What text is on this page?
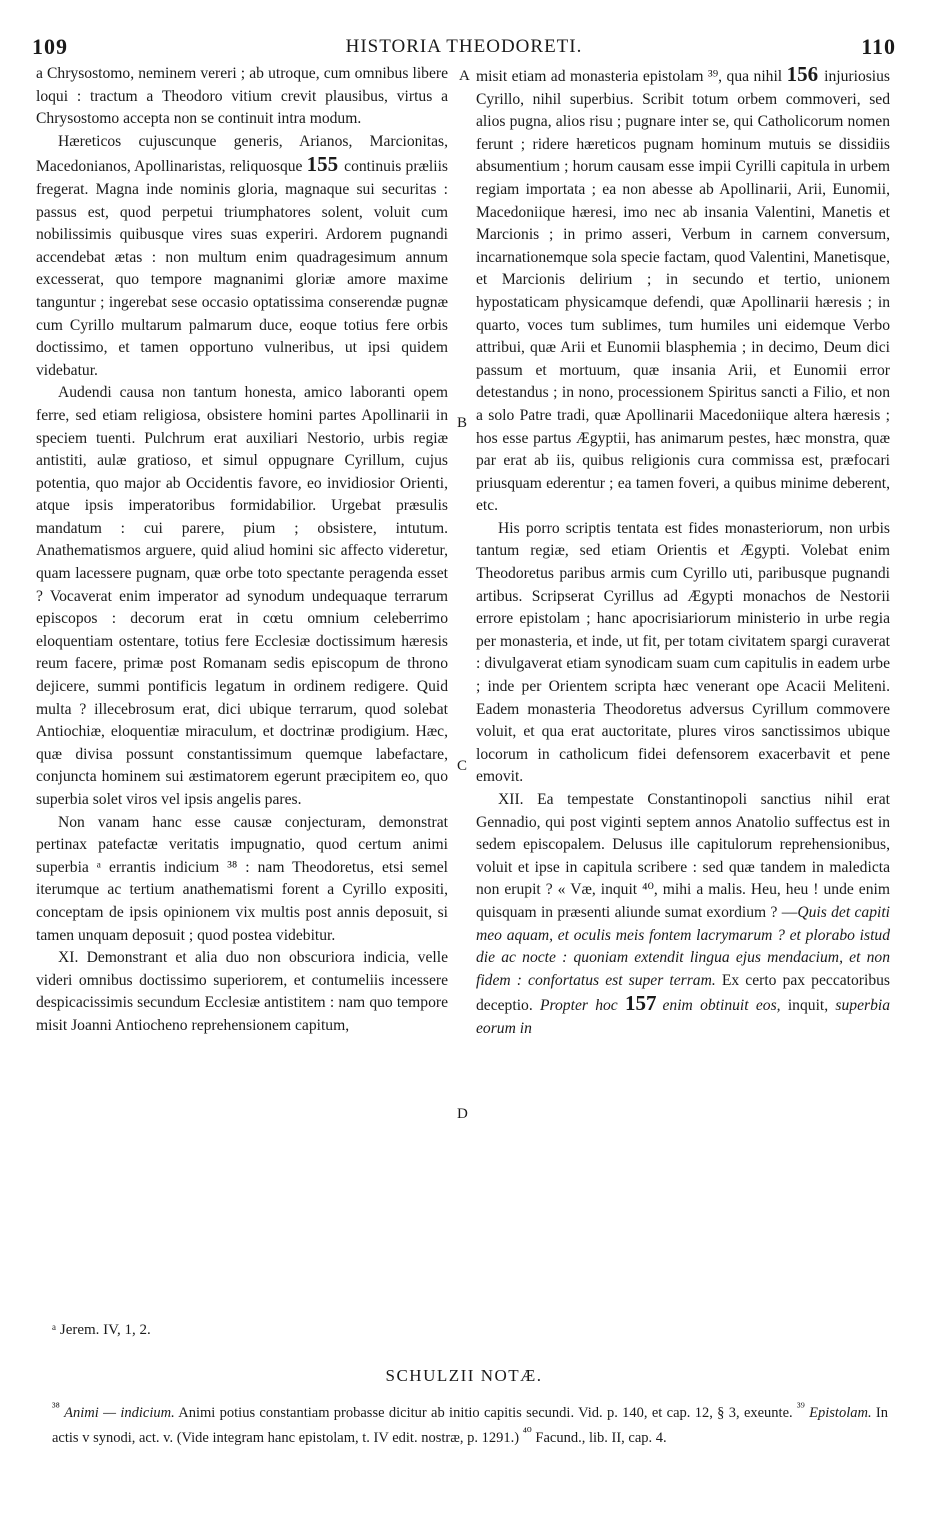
109	HISTORIA THEODORETI.	110

a Chrysostomo, neminem vereri ; ab utroque, cum omnibus libere loqui : tractum a Theodoro vitium crevit plausibus, virtus a Chrysostomo accepta non se continuit intra modum.

Hæreticos cujuscunque generis, Arianos, Marcionitas, Macedonianos, Apollinaristas, reliquosque 155 continuis præliis fregerat. Magna inde nominis gloria, magnaque sui securitas : passus est, quod perpetui triumphatores solent, voluit cum nobilissimis quibusque vires suas experiri. Ardorem pugnandi accendebat ætas : non multum enim quadragesimum annum excesserat, quo tempore magnanimi gloriæ amore maxime tanguntur ; ingerebat sese occasio optatissima conserendæ pugnæ cum Cyrillo multarum palmarum duce, eoque totius fere orbis doctissimo, et tamen opportuno vulneribus, ut ipsi quidem videbatur.

Audendi causa non tantum honesta, amico laboranti opem ferre, sed etiam religiosa, obsistere homini partes Apollinarii in speciem tuenti. Pulchrum erat auxiliari Nestorio, urbis regiæ antistiti, aulæ gratioso, et simul oppugnare Cyrillum, cujus potentia, quo major ab Occidentis favore, eo invidiosior Orienti, atque ipsis imperatoribus formidabilior. Urgebat præsulis mandatum : cui parere, pium ; obsistere, intutum. Anathematismos arguere, quid aliud homini sic affecto videretur, quam lacessere pugnam, quæ orbe toto spectante peragenda esset ? Vocaverat enim imperator ad synodum undequaque terrarum episcopos : decorum erat in cœtu omnium celeberrimo eloquentiam ostentare, totius fere Ecclesiæ doctissimum hæresis reum facere, primæ post Romanam sedis episcopum de throno dejicere, summi pontificis legatum in ordinem redigere. Quid multa ? illecebrosum erat, dici ubique terrarum, quod solebat Antiochiæ, eloquentiæ miraculum, et doctrinæ prodigium. Hæc, quæ divisa possunt constantissimum quemque labefactare, conjuncta hominem sui æstimatorem egerunt præcipitem eo, quo superbia solet viros vel ipsis angelis pares.

Non vanam hanc esse causæ conjecturam, demonstrat pertinax patefactæ veritatis impugnatio, quod certum animi superbia ᵃ errantis indicium ³⁸ : nam Theodoretus, etsi semel iterumque ac tertium anathematismi forent a Cyrillo expositi, conceptam de ipsis opinionem vix multis post annis deposuit, si tamen unquam deposuit ; quod postea videbitur.

XI. Demonstrant et alia duo non obscuriora indicia, velle videri omnibus doctissimo superiorem, et contumeliis incessere despicacissimis secundum Ecclesiæ antistitem : nam quo tempore misit Joanni Antiocheno reprehensionem capitum,

A
B
C
D

misit etiam ad monasteria epistolam ³⁹, qua nihil 156 injuriosius Cyrillo, nihil superbius. Scribit totum orbem commoveri, sed alios pugna, alios risu ; pugnare inter se, qui Catholicorum nomen ferunt ; ridere hæreticos pugnam hominum mutuis se dissidiis absumentium ; horum causam esse impii Cyrilli capitula in urbem regiam importata ; ea non abesse ab Apollinarii, Arii, Eunomii, Macedoniique hæresi, imo nec ab insania Valentini, Manetis et Marcionis ; in primo asseri, Verbum in carnem conversum, incarnationemque sola specie factam, quod Valentini, Manetisque, et Marcionis delirium ; in secundo et tertio, unionem hypostaticam physicamque defendi, quæ Apollinarii hæresis ; in quarto, voces tum sublimes, tum humiles uni eidemque Verbo attribui, quæ Arii et Eunomii blasphemia ; in decimo, Deum dici passum et mortuum, quæ insania Arii, et Eunomii error detestandus ; in nono, processionem Spiritus sancti a Filio, et non a solo Patre tradi, quæ Apollinarii Macedoniique altera hæresis ; hos esse partus Ægyptii, has animarum pestes, hæc monstra, quæ par erat ab iis, quibus religionis cura commissa est, præfocari priusquam ederentur ; ea tamen foveri, a quibus minime deberent, etc.

His porro scriptis tentata est fides monasteriorum, non urbis tantum regiæ, sed etiam Orientis et Ægypti. Volebat enim Theodoretus paribus armis cum Cyrillo uti, paribusque pugnandi artibus. Scripserat Cyrillus ad Ægypti monachos de Nestorii errore epistolam ; hanc apocrisiariorum ministerio in urbe regia per monasteria, et inde, ut fit, per totam civitatem spargi curaverat : divulgaverat etiam synodicam suam cum capitulis in eadem urbe ; inde per Orientem scripta hæc venerant ope Acacii Meliteni. Eadem monasteria Theodoretus adversus Cyrillum commovere voluit, et qua erat auctoritate, plures viros sanctissimos ubique locorum in catholicum fidei defensorem exacerbavit et pene emovit.

XII. Ea tempestate Constantinopoli sanctius nihil erat Gennadio, qui post viginti septem annos Anatolio suffectus est in sedem episcopalem. Delusus ille capitulorum reprehensionibus, voluit et ipse in capitula scribere : sed quæ tandem in maledicta non erupit ? « Væ, inquit ⁴⁰, mihi a malis. Heu, heu ! unde enim quisquam in præsenti aliunde sumat exordium ? —Quis det capiti meo aquam, et oculis meis fontem lacrymarum ? et plorabo istud die ac nocte : quoniam extendit lingua ejus mendacium, et non fidem : confortatus est super terram. Ex certo pax peccatoribus deceptio. Propter hoc 157 enim obtinuit eos, inquit, superbia eorum in

ᵃ Jerem. IV, 1, 2.
SCHULZII NOTÆ.
$^{^{38}}$ Animi — indicium. Animi potius constantiam probasse dicitur ab initio capitis secundi. Vid. p. 140, et cap. 12, § 3, exeunte. $^{^{39}}$ Epistolam. In actis v synodi, act. v. (Vide integram hanc epistolam, t. IV edit. nostræ, p. 1291.) $^{^{40}}$ Facund., lib. II, cap. 4.
